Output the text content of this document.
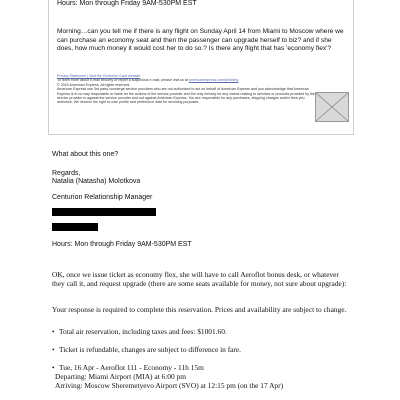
Hours: Mon through Friday 9AM-530PM EST
Morning…can you tell me if there is any flight on Sunday April 14 from Miami to Moscow where we can purchase an economy seat and then the passenger can upgrade herself to biz? and if she does, how much money it would cost her to do so.? Is there any flight that has 'economy flex'?

Privacy Statement | Visit the Centurion Card website

To learn more about e-mail security or report a suspicious e-mail, please visit us at americanexpress.com/phishing

© 2015 American Express. All rights reserved.

American Express use 3rd party concierge service providers who are not authorized to act on behalf of American Express and you acknowledge that American Express is in no way responsible or liable for the actions of the service provider and the only remedy for any claims relating to services or products provided by the service provider is against the service provider and not against American Express. You are responsible for any purchases, shipping charges and/or fees you authorize. We reserve the right to note profile and preference data for servicing purposes.

What about this one?
Regards,
Natalia (Natasha) Molotkova
Centurion Relationship Manager
Hours: Mon through Friday 9AM-530PM EST
OK, once we issue ticket as economy flex, she will have to call Aeroflot bonus desk, or whatever they call it, and request upgrade (there are some seats available for money, not sure about upgrade):
Your response is required to complete this reservation. Prices and availability are subject to change.
• Total air reservation, including taxes and fees: $1001.60.
• Ticket is refundable, changes are subject to difference in fare.
• Tue, 16 Apr - Aeroflot 111 - Economy - 11h 15m
Departing: Miami Airport (MIA) at 6:00 pm
Arriving: Moscow Sheremetyevo Airport (SVO) at 12:15 pm (on the 17 Apr)
